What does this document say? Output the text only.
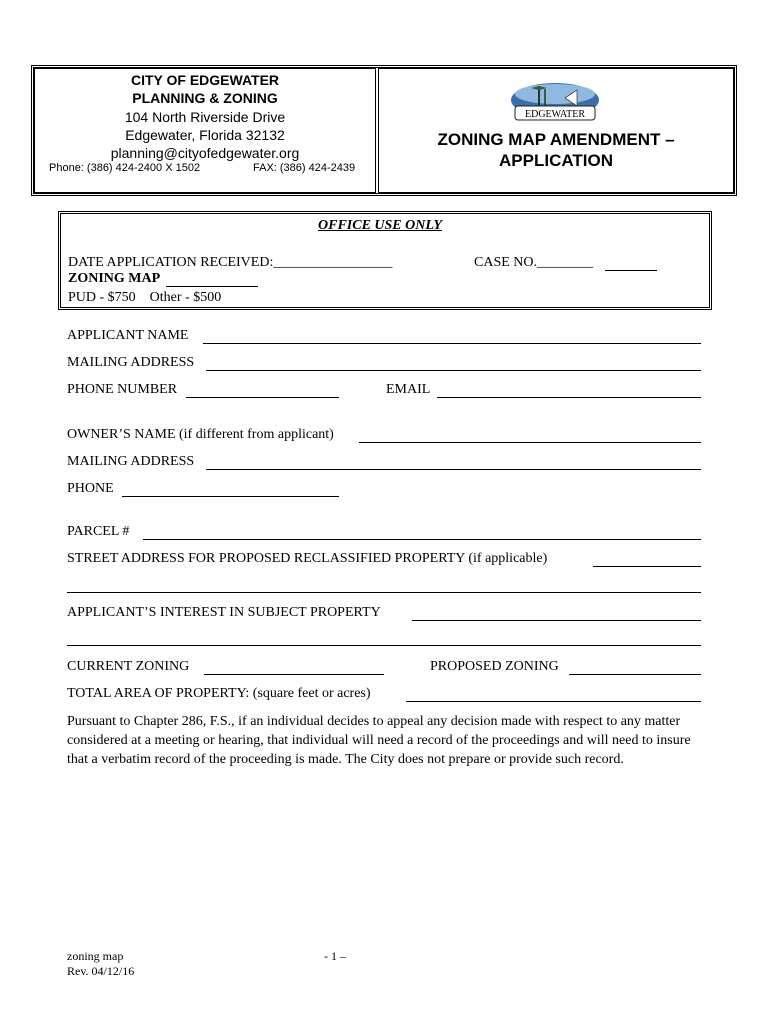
CITY OF EDGEWATER
PLANNING & ZONING
104 North Riverside Drive
Edgewater, Florida 32132
planning@cityofedgewater.org
Phone: (386) 424-2400 X 1502	FAX: (386) 424-2439
EDGEWATER
ZONING MAP AMENDMENT –
APPLICATION
OFFICE USE ONLY
DATE APPLICATION RECEIVED:_________________	CASE NO.________
ZONING MAP
PUD - $750    Other - $500
APPLICANT NAME
MAILING ADDRESS
PHONE NUMBER	EMAIL
OWNER’S NAME (if different from applicant)
MAILING ADDRESS
PHONE
PARCEL #
STREET ADDRESS FOR PROPOSED RECLASSIFIED PROPERTY (if applicable)
APPLICANT’S INTEREST IN SUBJECT PROPERTY
CURRENT ZONING	PROPOSED ZONING
TOTAL AREA OF PROPERTY: (square feet or acres)
Pursuant to Chapter 286, F.S., if an individual decides to appeal any decision made with respect to any matter considered at a meeting or hearing, that individual will need a record of the proceedings and will need to insure that a verbatim record of the proceeding is made. The City does not prepare or provide such record.
zoning map
Rev. 04/12/16
- 1 –
